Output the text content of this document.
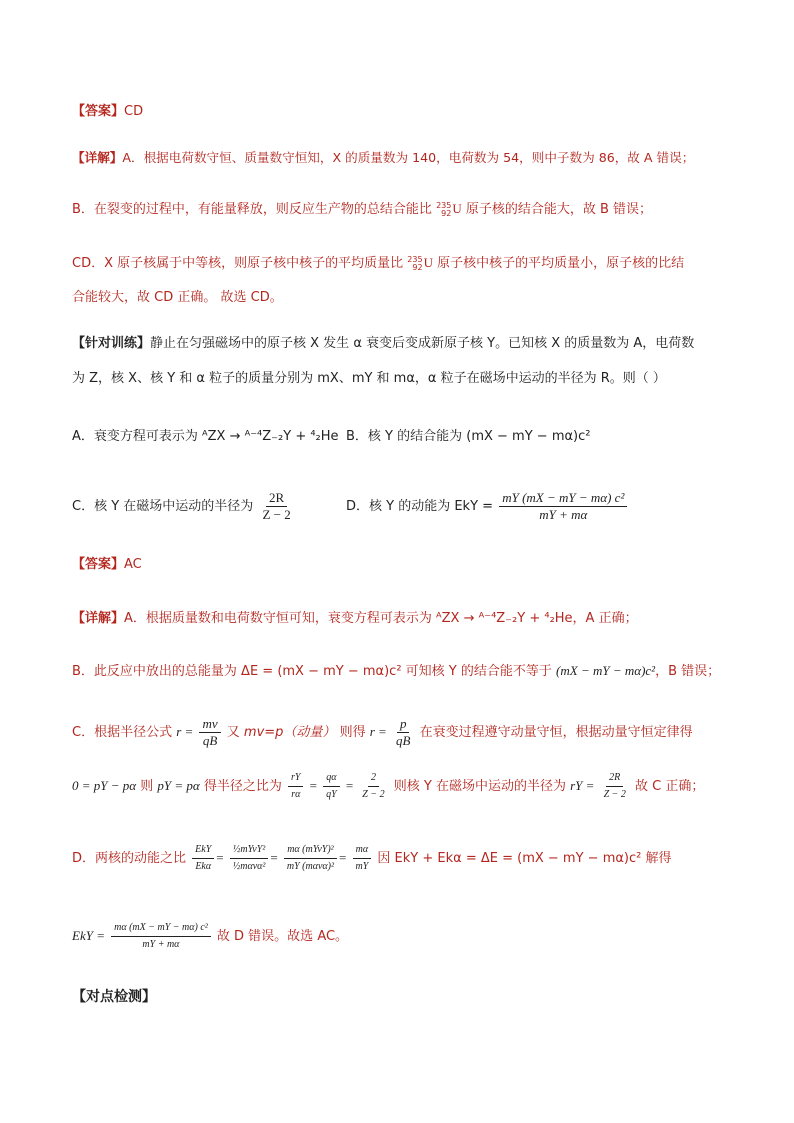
【答案】CD
【详解】A．根据电荷数守恒、质量数守恒知，X 的质量数为 140，电荷数为 54，则中子数为 86，故 A 错误；
B．在裂变的过程中，有能量释放，则反应生产物的总结合能比 235
92 U 原子核的结合能大，故 B 错误；
CD．X 原子核属于中等核，则原子核中核子的平均质量比 235
92 U 原子核中核子的平均质量小，原子核的比结
合能较大，故 CD 正确。 故选 CD。
【针对训练】静止在匀强磁场中的原子核 X 发生 α 衰变后变成新原子核 Y。已知核 X 的质量数为 A，电荷数
为 Z，核 X、核 Y 和 α 粒子的质量分别为 mX、mY 和 mα，α 粒子在磁场中运动的半径为 R。则（ ）
A．衰变方程可表示为 ᴬZX → ᴬ⁻⁴Z₋₂Y + ⁴₂He B．核 Y 的结合能为 (mX − mY − mα)c²
C．核 Y 在磁场中运动的半径为 $\frac{2R}{Z - 2}$	D．核 Y 的动能为 EkY = $\frac{\text{mY (mX − mY − mα) c²}}{mY + m\alpha}$
【答案】AC
【详解】A．根据质量数和电荷数守恒可知，衰变方程可表示为 ᴬZX → ᴬ⁻⁴Z₋₂Y + ⁴₂He，A 正确；
B．此反应中放出的总能量为 ΔE = (mX − mY − mα)c² 可知核 Y 的结合能不等于 (mX − mY − mα)c²，B 错误；
C．根据半径公式 $r = \frac{mv}{qB}$ 又 mv=p（动量） 则得 $r = \frac{p}{qB}$ 在衰变过程遵守动量守恒，根据动量守恒定律得
0 = pY − pα 则 pY = pα 得半径之比为 $\frac{rY}{r\alpha} = \frac{q\alpha}{qY} = \frac{2}{Z - 2}$ 则核 Y 在磁场中运动的半径为 rY = $\frac{2R}{Z - 2}$ 故 C 正确；
D．两核的动能之比 $\frac{\text{EkY}}{\text{Ekα}} = \frac{\text{½mYvY²}}{\text{½mαvα²}} = \frac{\text{mα (mYvY)²}}{\text{mY (mαvα)²}} = \frac{m\alpha}{mY}$ 因 EkY + Ekα = ΔE = (mX − mY − mα)c² 解得
EkY = $\frac{\text{mα (mX − mY − mα) c²}}{mY + m\alpha}$ 故 D 错误。故选 AC。
【对点检测】
